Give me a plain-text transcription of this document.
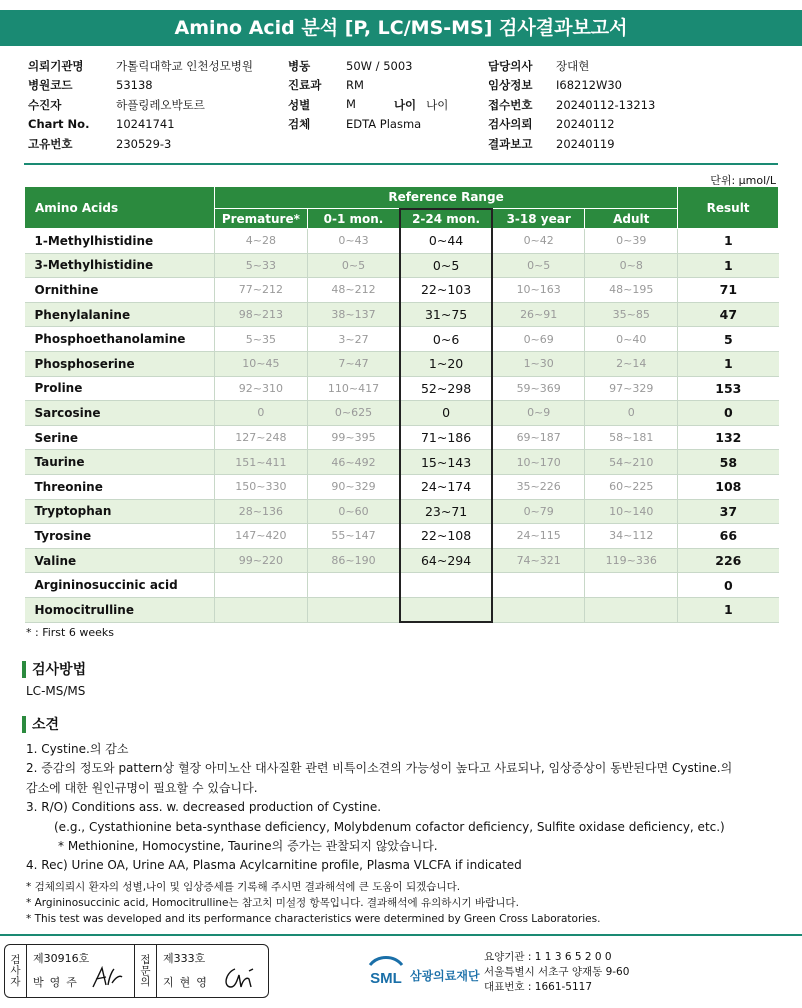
Amino Acid 분석 [P, LC/MS-MS] 검사결과보고서
의뢰기관명	가톨릭대학교 인천성모병원	병동	50W / 5003	담당의사	장대현
병원코드	53138	진료과	RM	임상정보	I68212W30
수진자	하플링레오박토르	성별	M	나이 나이	접수번호	20240112-13213
Chart No.	10241741	검체	EDTA Plasma	검사의뢰	20240112
고유번호	230529-3	결과보고	20240119
단위: μmol/L
Amino Acids	Reference Range					Result
	Premature*	0-1 mon.	2-24 mon.	3-18 year	Adult	
1-Methylhistidine	4~28	0~43	0~44	0~42	0~39	1
3-Methylhistidine	5~33	0~5	0~5	0~5	0~8	1
Ornithine	77~212	48~212	22~103	10~163	48~195	71
Phenylalanine	98~213	38~137	31~75	26~91	35~85	47
Phosphoethanolamine	5~35	3~27	0~6	0~69	0~40	5
Phosphoserine	10~45	7~47	1~20	1~30	2~14	1
Proline	92~310	110~417	52~298	59~369	97~329	153
Sarcosine	0	0~625	0	0~9	0	0
Serine	127~248	99~395	71~186	69~187	58~181	132
Taurine	151~411	46~492	15~143	10~170	54~210	58
Threonine	150~330	90~329	24~174	35~226	60~225	108
Tryptophan	28~136	0~60	23~71	0~79	10~140	37
Tyrosine	147~420	55~147	22~108	24~115	34~112	66
Valine	99~220	86~190	64~294	74~321	119~336	226
Argininosuccinic acid						0
Homocitrulline						1
* : First 6 weeks
검사방법
LC-MS/MS
소견
1. Cystine.의 감소
2. 증감의 정도와 pattern상 혈장 아미노산 대사질환 관련 비특이소견의 가능성이 높다고 사료되나, 임상증상이 동반된다면 Cystine.의
감소에 대한 원인규명이 필요할 수 있습니다.
3. R/O) Conditions ass. w. decreased production of Cystine.
(e.g., Cystathionine beta-synthase deficiency, Molybdenum cofactor deficiency, Sulfite oxidase deficiency, etc.)
* Methionine, Homocystine, Taurine의 증가는 관찰되지 않았습니다.
4. Rec) Urine OA, Urine AA, Plasma Acylcarnitine profile, Plasma VLCFA if indicated
* 검체의뢰시 환자의 성별,나이 및 임상증세를 기록해 주시면 결과해석에 큰 도움이 되겠습니다.
* Argininosuccinic acid, Homocitrulline는 참고치 미설정 항목입니다. 결과해석에 유의하시기 바랍니다.
* This test was developed and its performance characteristics were determined by Green Cross Laboratories.
검
사
자
제30916호
박영주
접
문
의
제333호
지현영	SML 삼광의료재단
요양기관 : 1 1 3 6 5 2 0 0
서울특별시 서초구 양재동 9-60
대표번호 : 1661-5117
